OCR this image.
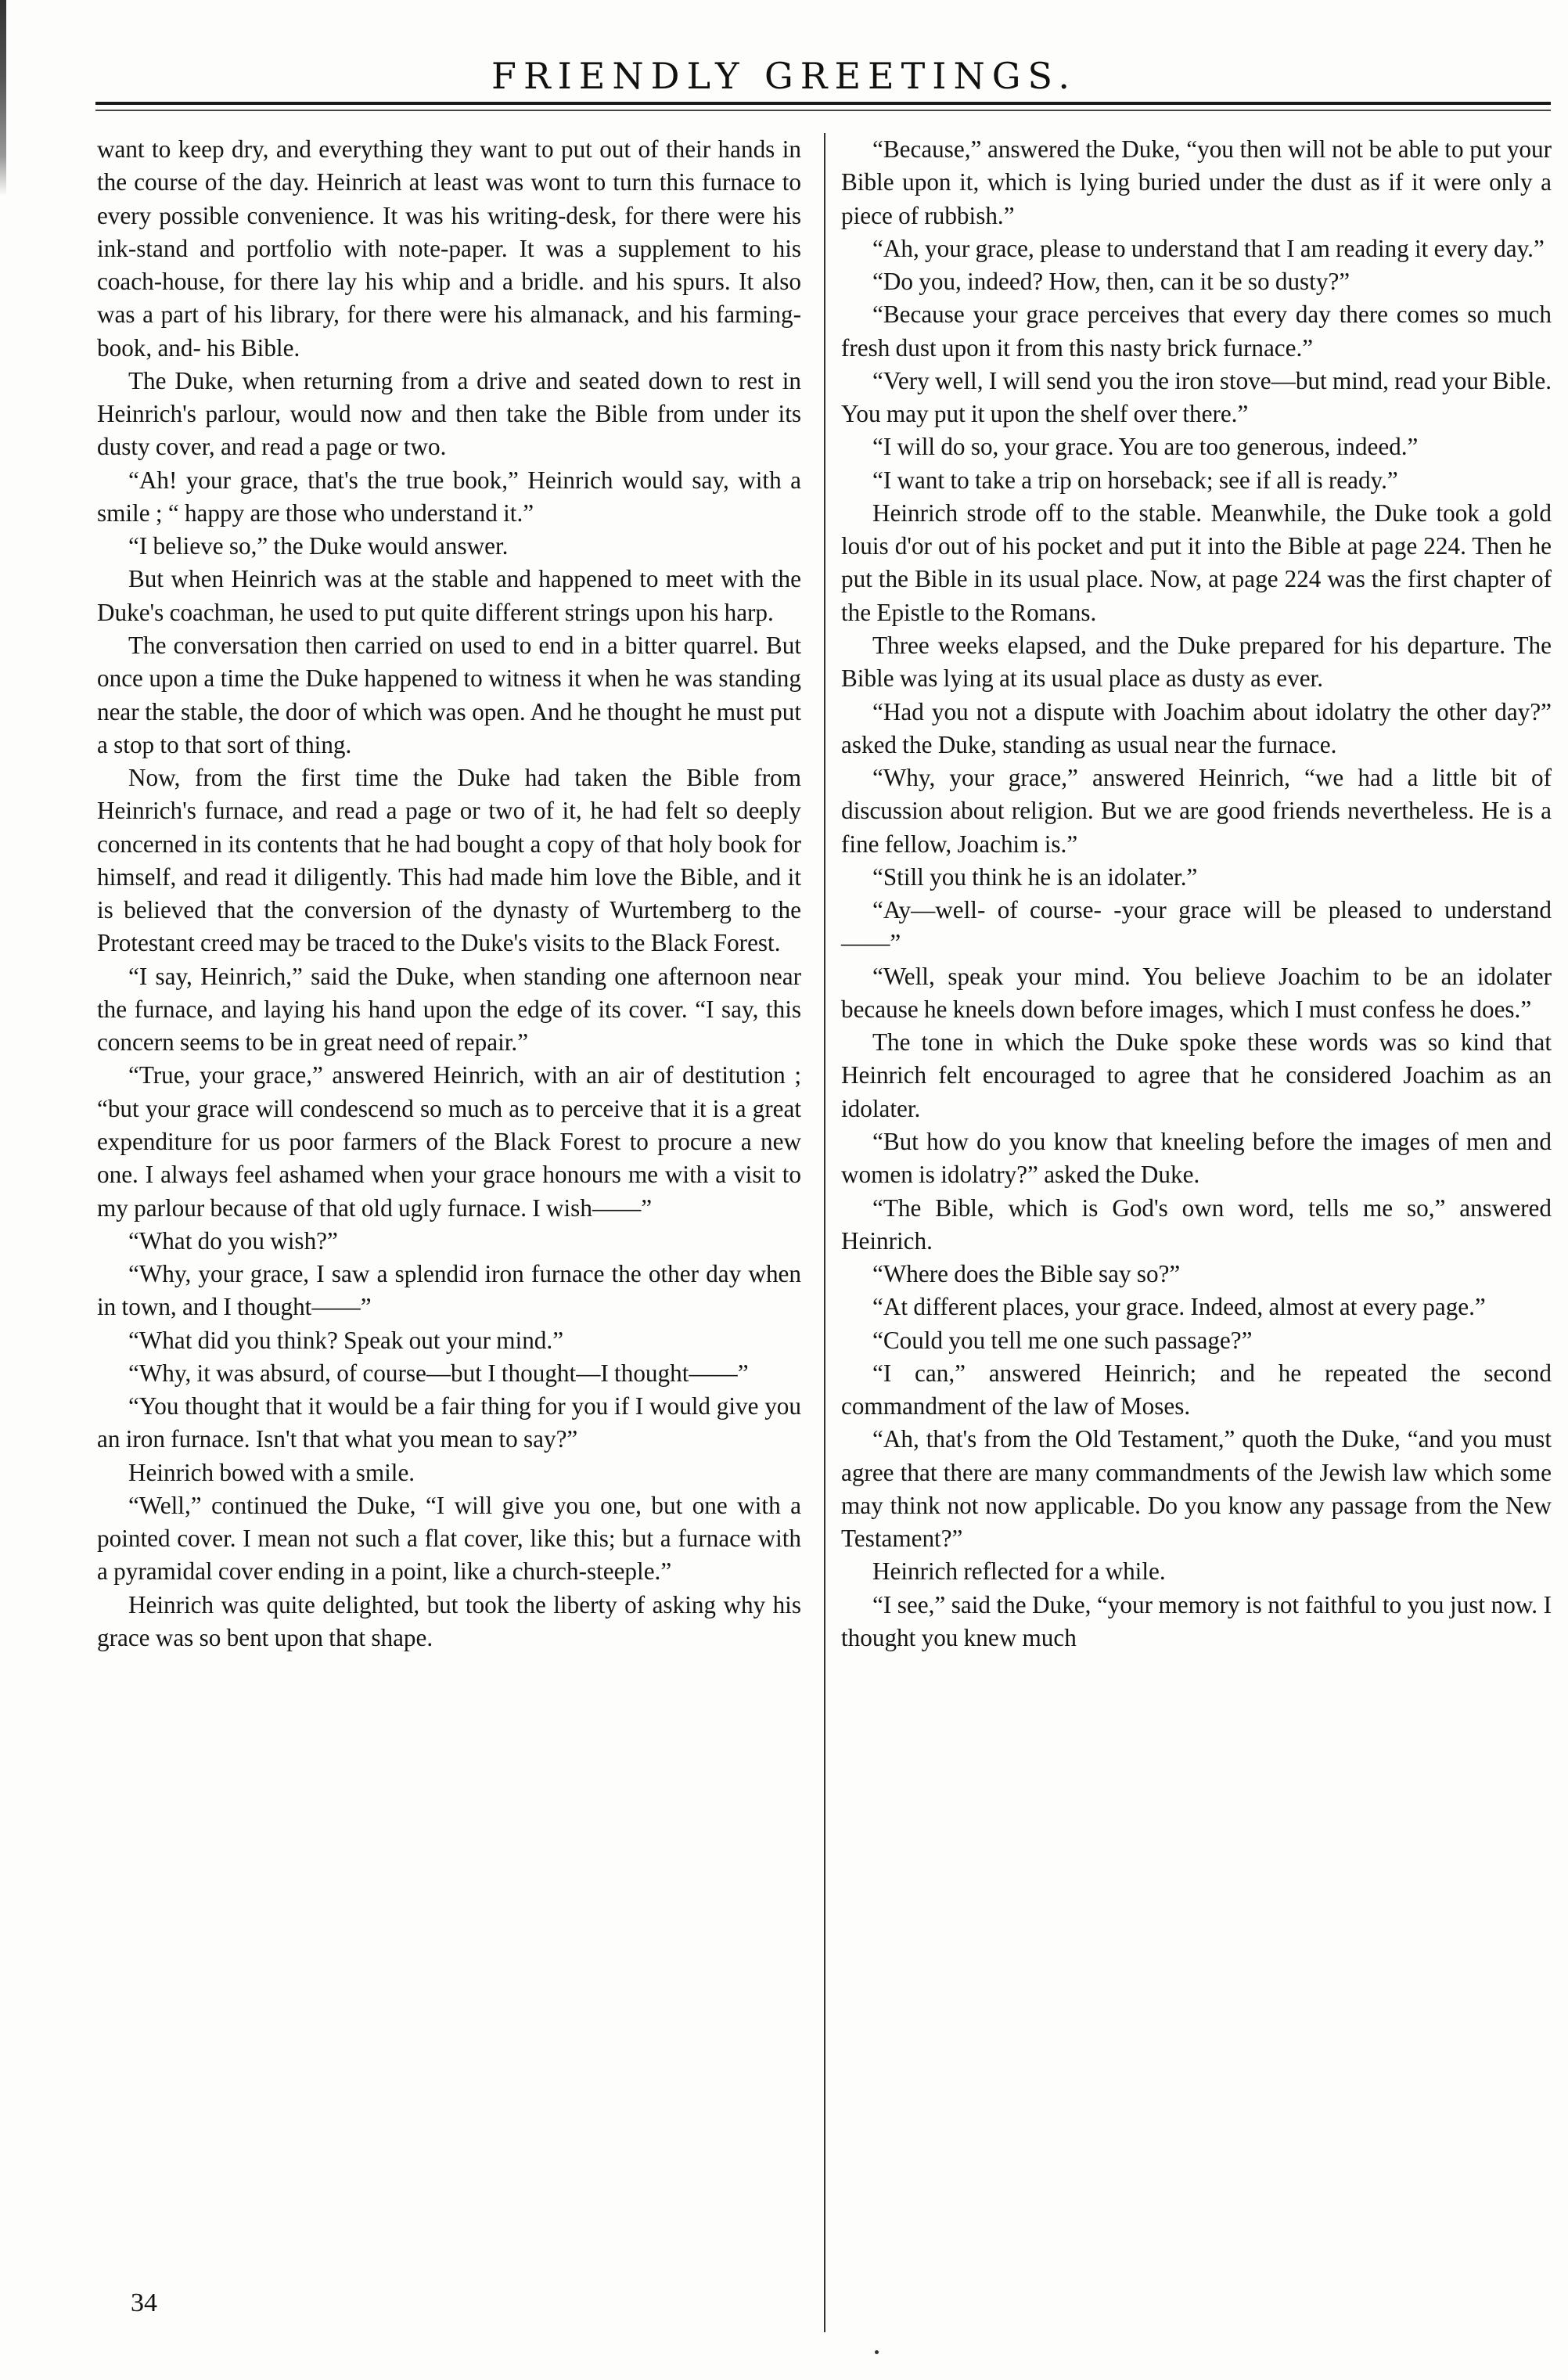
FRIENDLY GREETINGS.

want to keep dry, and everything they want to put out of their hands in the course of the day. Heinrich at least was wont to turn this furnace to every possible convenience. It was his writing-desk, for there were his ink-stand and portfolio with note-paper. It was a supplement to his coach-house, for there lay his whip and a bridle. and his spurs. It also was a part of his library, for there were his almanack, and his farming-book, and- his Bible.

The Duke, when returning from a drive and seated down to rest in Heinrich's parlour, would now and then take the Bible from under its dusty cover, and read a page or two.

“Ah! your grace, that's the true book,” Heinrich would say, with a smile ; “ happy are those who understand it.”

“I believe so,” the Duke would answer.

But when Heinrich was at the stable and happened to meet with the Duke's coachman, he used to put quite different strings upon his harp.

The conversation then carried on used to end in a bitter quarrel. But once upon a time the Duke happened to witness it when he was standing near the stable, the door of which was open. And he thought he must put a stop to that sort of thing.

Now, from the first time the Duke had taken the Bible from Heinrich's furnace, and read a page or two of it, he had felt so deeply concerned in its contents that he had bought a copy of that holy book for himself, and read it diligently. This had made him love the Bible, and it is believed that the conversion of the dynasty of Wurtemberg to the Protestant creed may be traced to the Duke's visits to the Black Forest.

“I say, Heinrich,” said the Duke, when standing one afternoon near the furnace, and laying his hand upon the edge of its cover. “I say, this concern seems to be in great need of repair.”

“True, your grace,” answered Heinrich, with an air of destitution ; “but your grace will condescend so much as to perceive that it is a great expenditure for us poor farmers of the Black Forest to procure a new one. I always feel ashamed when your grace honours me with a visit to my parlour because of that old ugly furnace. I wish——”

“What do you wish?”

“Why, your grace, I saw a splendid iron furnace the other day when in town, and I thought——”

“What did you think? Speak out your mind.”

“Why, it was absurd, of course—but I thought—I thought——”

“You thought that it would be a fair thing for you if I would give you an iron furnace. Isn't that what you mean to say?”

Heinrich bowed with a smile.

“Well,” continued the Duke, “I will give you one, but one with a pointed cover. I mean not such a flat cover, like this; but a furnace with a pyramidal cover ending in a point, like a church-steeple.”

Heinrich was quite delighted, but took the liberty of asking why his grace was so bent upon that shape.

“Because,” answered the Duke, “you then will not be able to put your Bible upon it, which is lying buried under the dust as if it were only a piece of rubbish.”

“Ah, your grace, please to understand that I am reading it every day.”

“Do you, indeed? How, then, can it be so dusty?”

“Because your grace perceives that every day there comes so much fresh dust upon it from this nasty brick furnace.”

“Very well, I will send you the iron stove—but mind, read your Bible. You may put it upon the shelf over there.”

“I will do so, your grace. You are too generous, indeed.”

“I want to take a trip on horseback; see if all is ready.”

Heinrich strode off to the stable. Meanwhile, the Duke took a gold louis d'or out of his pocket and put it into the Bible at page 224. Then he put the Bible in its usual place. Now, at page 224 was the first chapter of the Epistle to the Romans.

Three weeks elapsed, and the Duke prepared for his departure. The Bible was lying at its usual place as dusty as ever.

“Had you not a dispute with Joachim about idolatry the other day?” asked the Duke, standing as usual near the furnace.

“Why, your grace,” answered Heinrich, “we had a little bit of discussion about religion. But we are good friends nevertheless. He is a fine fellow, Joachim is.”

“Still you think he is an idolater.”

“Ay—well- of course- -your grace will be pleased to understand——”

“Well, speak your mind. You believe Joachim to be an idolater because he kneels down before images, which I must confess he does.”

The tone in which the Duke spoke these words was so kind that Heinrich felt encouraged to agree that he considered Joachim as an idolater.

“But how do you know that kneeling before the images of men and women is idolatry?” asked the Duke.

“The Bible, which is God's own word, tells me so,” answered Heinrich.

“Where does the Bible say so?”

“At different places, your grace. Indeed, almost at every page.”

“Could you tell me one such passage?”

“I can,” answered Heinrich; and he repeated the second commandment of the law of Moses.

“Ah, that's from the Old Testament,” quoth the Duke, “and you must agree that there are many commandments of the Jewish law which some may think not now applicable. Do you know any passage from the New Testament?”

Heinrich reflected for a while.

“I see,” said the Duke, “your memory is not faithful to you just now. I thought you knew much

34
